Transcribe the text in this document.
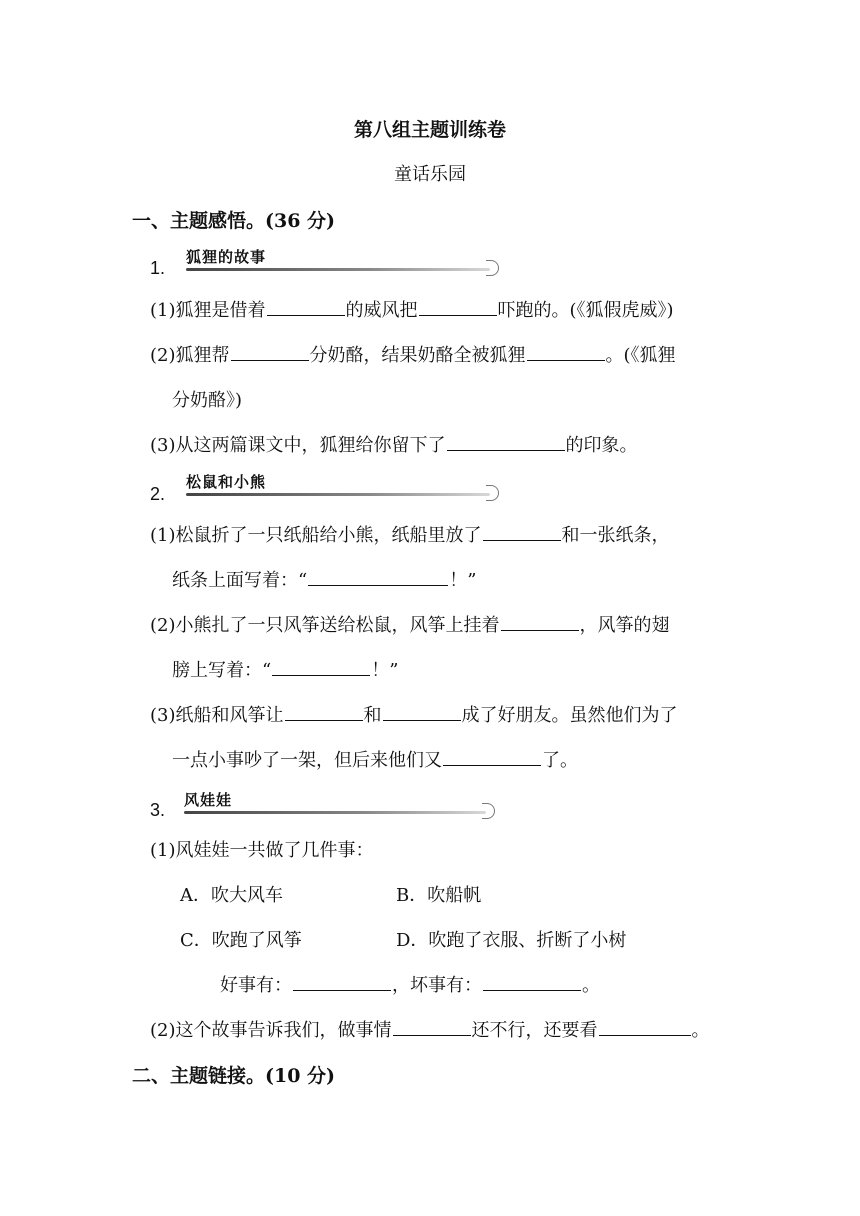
第八组主题训练卷
童话乐园
一、主题感悟。(36 分)
1.
狐狸的故事
(1)狐狸是借着	的威风把	吓跑的。(《狐假虎威》)
(2)狐狸帮	分奶酪，结果奶酪全被狐狸	。(《狐狸
分奶酪》)
(3)从这两篇课文中，狐狸给你留下了	的印象。
2.
松鼠和小熊
(1)松鼠折了一只纸船给小熊，纸船里放了	和一张纸条，
纸条上面写着：“	！”
(2)小熊扎了一只风筝送给松鼠，风筝上挂着	，风筝的翅
膀上写着：“	！”
(3)纸船和风筝让	和	成了好朋友。虽然他们为了
一点小事吵了一架，但后来他们又	了。
3. 风娃娃
(1)风娃娃一共做了几件事：
A．吹大风车	B．吹船帆
C．吹跑了风筝	D．吹跑了衣服、折断了小树
好事有：	，坏事有：	。
(2)这个故事告诉我们，做事情	还不行，还要看	。
二、主题链接。(10 分)
